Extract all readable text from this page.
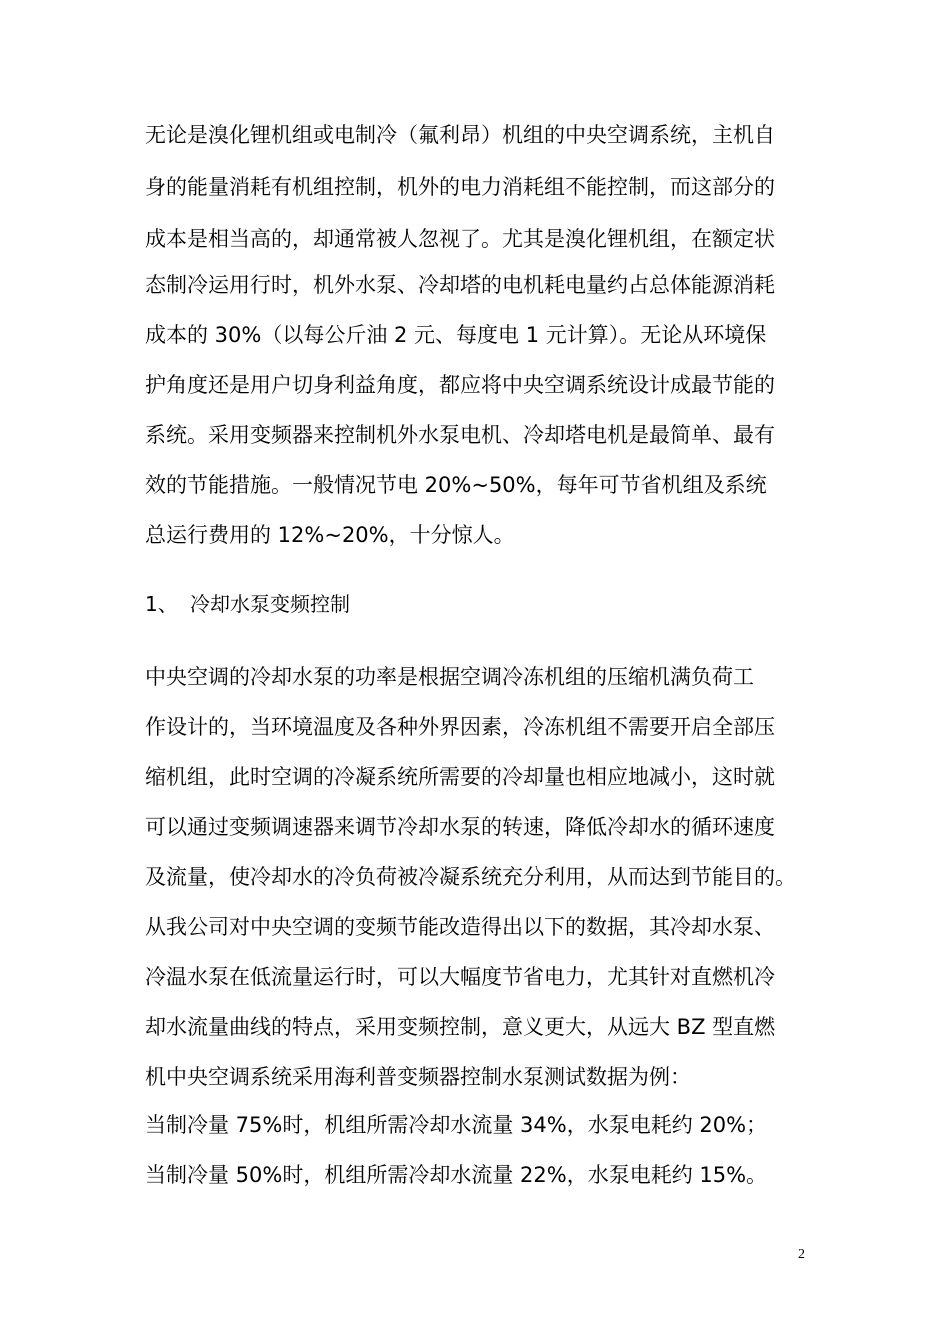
无论是溴化锂机组或电制冷（氟利昂）机组的中央空调系统，主机自
身的能量消耗有机组控制，机外的电力消耗组不能控制，而这部分的
成本是相当高的，却通常被人忽视了。尤其是溴化锂机组，在额定状
态制冷运用行时，机外水泵、冷却塔的电机耗电量约占总体能源消耗
成本的 30%（以每公斤油 2 元、每度电 1 元计算）。无论从环境保
护角度还是用户切身利益角度，都应将中央空调系统设计成最节能的
系统。采用变频器来控制机外水泵电机、冷却塔电机是最简单、最有
效的节能措施。一般情况节电 20%~50%，每年可节省机组及系统
总运行费用的 12%~20%，十分惊人。
1、 冷却水泵变频控制
中央空调的冷却水泵的功率是根据空调冷冻机组的压缩机满负荷工
作设计的，当环境温度及各种外界因素，冷冻机组不需要开启全部压
缩机组，此时空调的冷凝系统所需要的冷却量也相应地减小，这时就
可以通过变频调速器来调节冷却水泵的转速，降低冷却水的循环速度
及流量，使冷却水的冷负荷被冷凝系统充分利用，从而达到节能目的。
从我公司对中央空调的变频节能改造得出以下的数据，其冷却水泵、
冷温水泵在低流量运行时，可以大幅度节省电力，尤其针对直燃机冷
却水流量曲线的特点，采用变频控制，意义更大，从远大 BZ 型直燃
机中央空调系统采用海利普变频器控制水泵测试数据为例：
当制冷量 75%时，机组所需冷却水流量 34%，水泵电耗约 20%；
当制冷量 50%时，机组所需冷却水流量 22%，水泵电耗约 15%。
2
